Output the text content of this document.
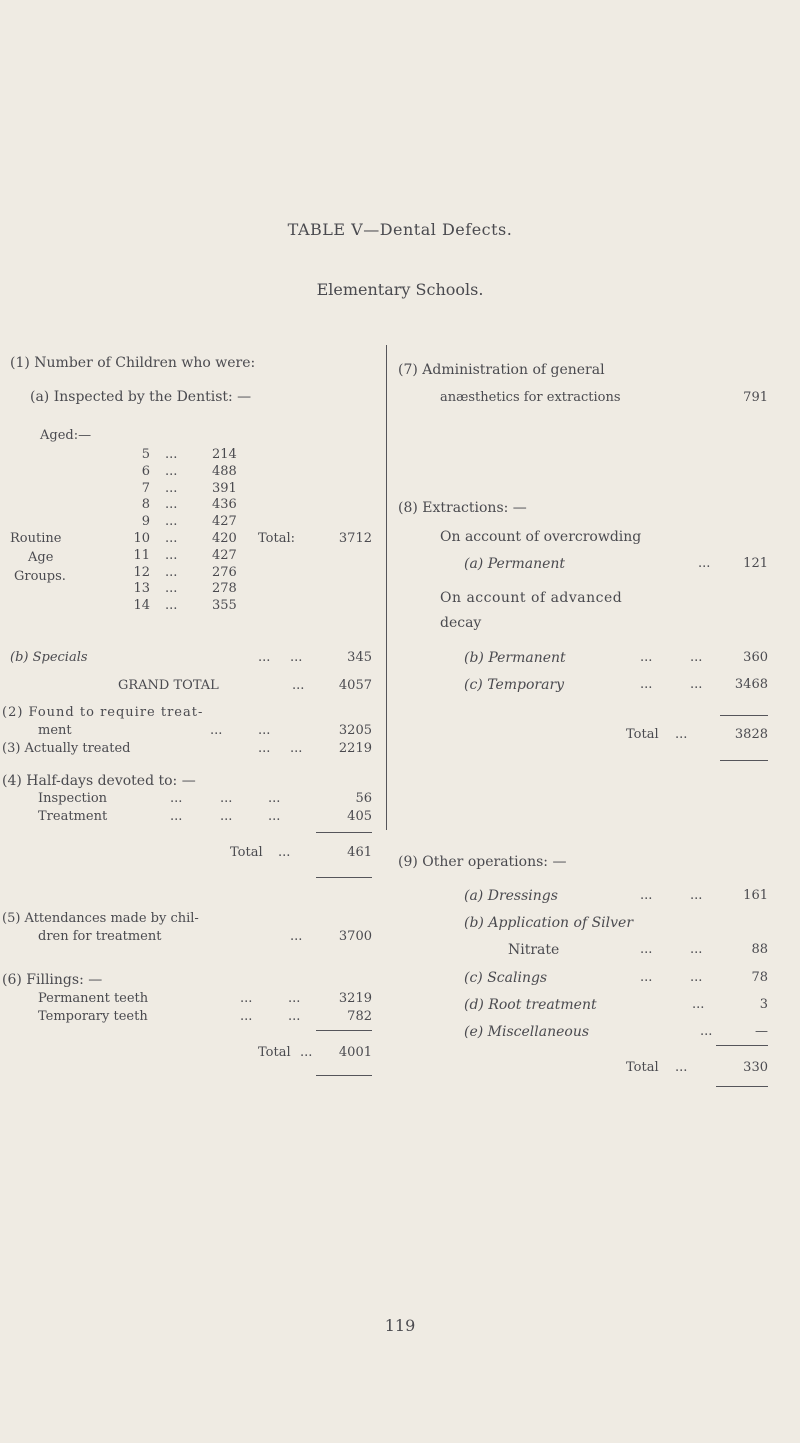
TABLE V—Dental Defects.
Elementary Schools.
(1) Number of Children who were:
(a) Inspected by the Dentist: —
Aged:—
5 ...	214
6 ...	488
7 ...	391
8 ...	436
9 ...	427
10 ...	420
11 ...	427
12 ...	276
13 ...	278
14 ...	355
Routine
Age
Groups.
Total:	3712
(b) Specials	... ...	345
GRAND TOTAL	...	4057
(2) Found to require treat-
ment	...	...	3205
(3) Actually treated	... ...	2219
(4) Half-days devoted to: —
Inspection	...	...	...	56
Treatment	...	...	...	405
Total ...	461
(5) Attendances made by chil-
dren for treatment	...	3700
(6) Fillings: —
Permanent teeth	...	...	3219
Temporary teeth	...	...	782
Total ...	4001
(7) Administration of general
anæsthetics for extractions	791
(8) Extractions: —
On account of overcrowding
(a) Permanent	...	121
On account of advanced
decay
(b) Permanent	...	...	360
(c) Temporary	...	...	3468
Total ...	3828
(9) Other operations: —
(a) Dressings	...	...	161
(b) Application of Silver
Nitrate	...	...	88
(c) Scalings	...	...	78
(d) Root treatment	...	3
(e) Miscellaneous	...	—
Total ...	330
119
